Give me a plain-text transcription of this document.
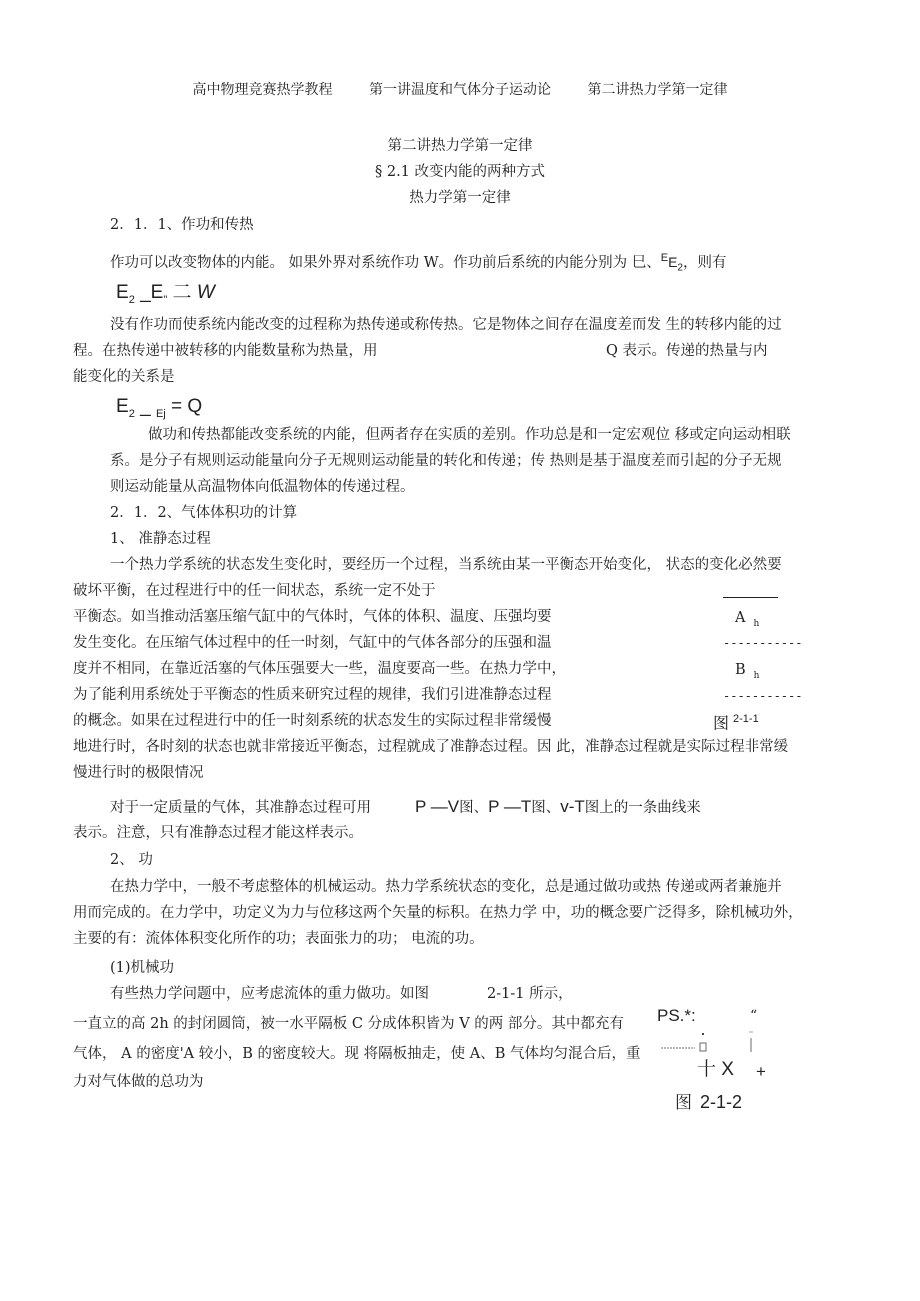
高中物理竞赛热学教程	第一讲温度和气体分子运动论	第二讲热力学第一定律
第二讲热力学第一定律
§ 2.1 改变内能的两种方式
热力学第一定律
2．1．1、作功和传热
作功可以改变物体的内能。 如果外界对系统作功 W。作功前后系统的内能分别为 巳、$^EE_2$，则有
$E_2$ $\_E_"$ 二 W
没有作功而使系统内能改变的过程称为热传递或称传热。它是物体之间存在温度差而发 生的转移内能的过
程。在热传递中被转移的内能数量称为热量，用	Q 表示。传递的热量与内
能变化的关系是
$E_2$ _ $_{Ej}$ = Q
做功和传热都能改变系统的内能，但两者存在实质的差别。作功总是和一定宏观位 移或定向运动相联
系。是分子有规则运动能量向分子无规则运动能量的转化和传递；传 热则是基于温度差而引起的分子无规
则运动能量从高温物体向低温物体的传递过程。
2．1．2、气体体积功的计算
1、 准静态过程
一个热力学系统的状态发生变化时，要经历一个过程，当系统由某一平衡态开始变化， 状态的变化必然要
破坏平衡，在过程进行中的任一间状态，系统一定不处于
平衡态。如当推动活塞压缩气缸中的气体时，气体的体积、温度、压强均要
发生变化。在压缩气体过程中的任一时刻，气缸中的气体各部分的压强和温
度并不相同，在靠近活塞的气体压强要大一些，温度要高一些。在热力学中，
为了能利用系统处于平衡态的性质来研究过程的规律，我们引进准静态过程
的概念。如果在过程进行中的任一时刻系统的状态发生的实际过程非常缓慢
地进行时，各时刻的状态也就非常接近平衡态，过程就成了准静态过程。因 此，准静态过程就是实际过程非常缓
慢进行时的极限情况
A $_h$
-----------
B $_h$
-----------
图 $^{2-1-1}$
对于一定质量的气体，其准静态过程可用	P —V图、P —T图、v-T图上的一条曲线来
表示。注意，只有准静态过程才能这样表示。
2、 功
在热力学中，一般不考虑整体的机械运动。热力学系统状态的变化，总是通过做功或热 传递或两者兼施并
用而完成的。在力学中，功定义为力与位移这两个矢量的标积。在热力学 中，功的概念要广泛得多，除机械功外，
主要的有：流体体积变化所作的功；表面张力的功； 电流的功。
(1)机械功
有些热力学问题中，应考虑流体的重力做功。如图	2-1-1 所示，
一直立的高 2h 的封闭圆筒，被一水平隔板 C 分成体积皆为 V 的两 部分。其中都充有
气体， A 的密度'A 较小，B 的密度较大。现 将隔板抽走，使 A、B 气体均匀混合后，重
力对气体做的总功为
PS.*:	“
十 X +
图 2-1-2
